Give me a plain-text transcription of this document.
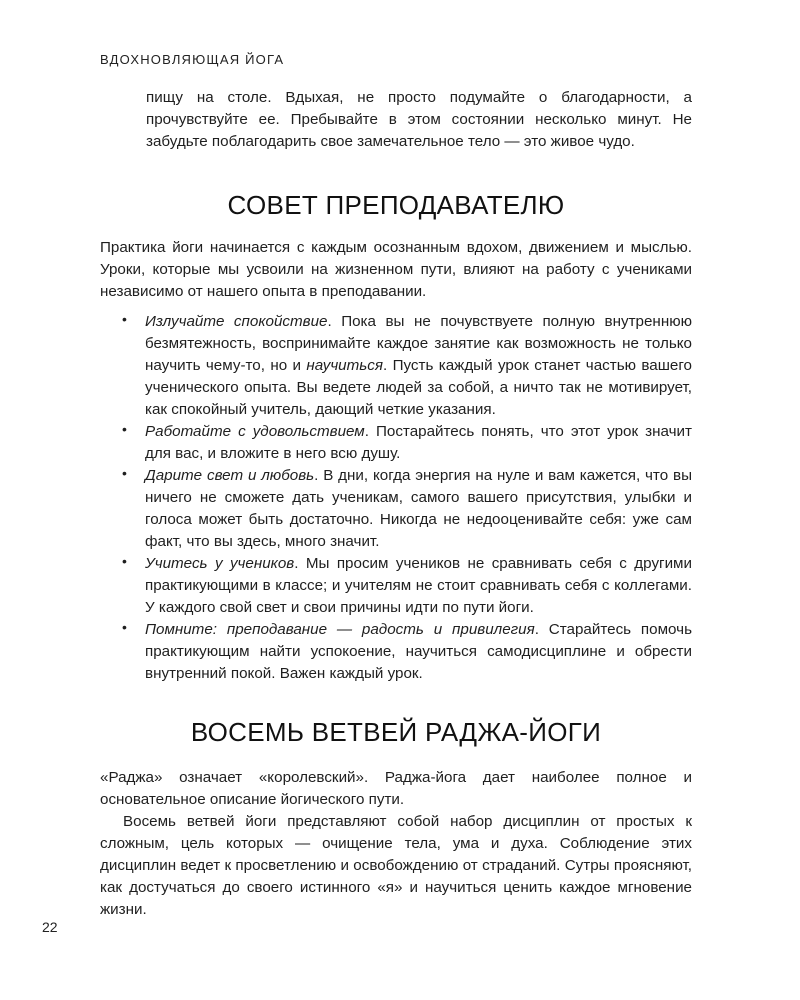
ВДОХНОВЛЯЮЩАЯ ЙОГА

пищу на столе. Вдыхая, не просто подумайте о благодарности, а прочувствуйте ее. Пребывайте в этом состоянии несколько минут. Не забудьте поблагодарить свое замечательное тело — это живое чудо.

СОВЕТ ПРЕПОДАВАТЕЛЮ

Практика йоги начинается с каждым осознанным вдохом, движением и мыслью. Уроки, которые мы усвоили на жизненном пути, влияют на работу с учениками независимо от нашего опыта в преподавании.

• Излучайте спокойствие. Пока вы не почувствуете полную внутреннюю безмятежность, воспринимайте каждое занятие как возможность не только научить чему-то, но и научиться. Пусть каждый урок станет частью вашего ученического опыта. Вы ведете людей за собой, а ничто так не мотивирует, как спокойный учитель, дающий четкие указания.

• Работайте с удовольствием. Постарайтесь понять, что этот урок значит для вас, и вложите в него всю душу.

• Дарите свет и любовь. В дни, когда энергия на нуле и вам кажется, что вы ничего не сможете дать ученикам, самого вашего присутствия, улыбки и голоса может быть достаточно. Никогда не недооценивайте себя: уже сам факт, что вы здесь, много значит.

• Учитесь у учеников. Мы просим учеников не сравнивать себя с другими практикующими в классе; и учителям не стоит сравнивать себя с коллегами. У каждого свой свет и свои причины идти по пути йоги.

• Помните: преподавание — радость и привилегия. Старайтесь помочь практикующим найти успокоение, научиться самодисциплине и обрести внутренний покой. Важен каждый урок.

ВОСЕМЬ ВЕТВЕЙ РАДЖА-ЙОГИ

«Раджа» означает «королевский». Раджа-йога дает наиболее полное и основательное описание йогического пути.

Восемь ветвей йоги представляют собой набор дисциплин от простых к сложным, цель которых — очищение тела, ума и духа. Соблюдение этих дисциплин ведет к просветлению и освобождению от страданий. Сутры проясняют, как достучаться до своего истинного «я» и научиться ценить каждое мгновение жизни.

22
